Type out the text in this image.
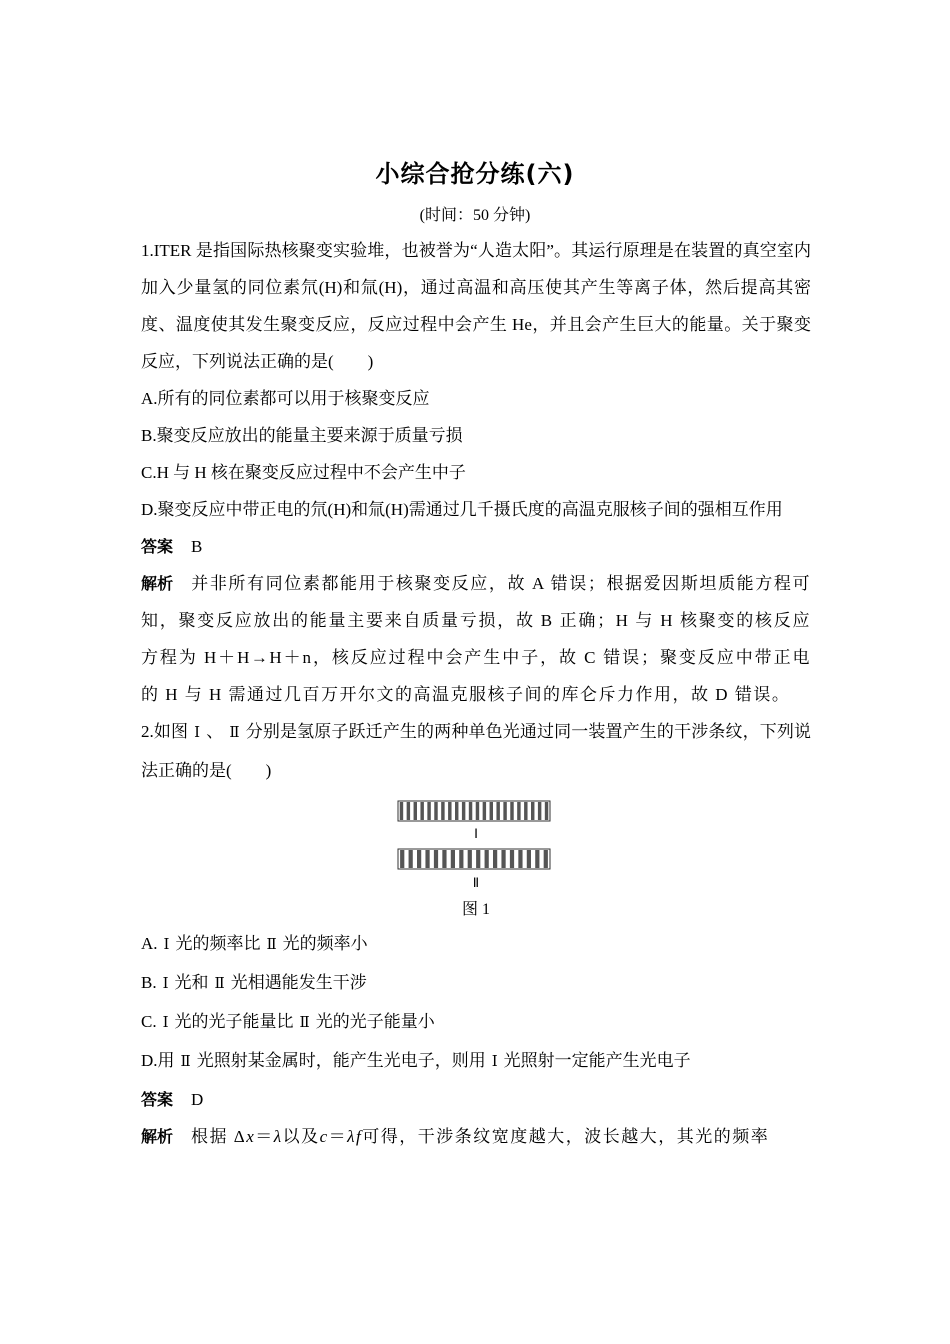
小综合抢分练(六)
(时间：50 分钟)

1.ITER 是指国际热核聚变实验堆，也被誉为“人造太阳”。其运行原理是在装置的真空室内加入少量氢的同位素氘(H)和氚(H)，通过高温和高压使其产生等离子体，然后提高其密度、温度使其发生聚变反应，反应过程中会产生 He，并且会产生巨大的能量。关于聚变反应，下列说法正确的是(　　)

A.所有的同位素都可以用于核聚变反应

B.聚变反应放出的能量主要来源于质量亏损

C.H 与 H 核在聚变反应过程中不会产生中子

D.聚变反应中带正电的氘(H)和氚(H)需通过几千摄氏度的高温克服核子间的强相互作用

答案 B

解析 并非所有同位素都能用于核聚变反应，故 A 错误；根据爱因斯坦质能方程可知，聚变反应放出的能量主要来自质量亏损，故 B 正确；H 与 H 核聚变的核反应方程为 H＋H→H＋n，核反应过程中会产生中子，故 C 错误；聚变反应中带正电的 H 与 H 需通过几百万开尔文的高温克服核子间的库仑斥力作用，故 D 错误。

2.如图 Ⅰ 、 Ⅱ 分别是氢原子跃迁产生的两种单色光通过同一装置产生的干涉条纹，下列说法正确的是(　　)

Ⅰ
Ⅱ
图 1

A. Ⅰ 光的频率比 Ⅱ 光的频率小

B. Ⅰ 光和 Ⅱ 光相遇能发生干涉

C. Ⅰ 光的光子能量比 Ⅱ 光的光子能量小

D.用 Ⅱ 光照射某金属时，能产生光电子，则用 Ⅰ 光照射一定能产生光电子

答案 D

解析 根据 Δx＝λ以及c＝λf可得，干涉条纹宽度越大，波长越大，其光的频率
